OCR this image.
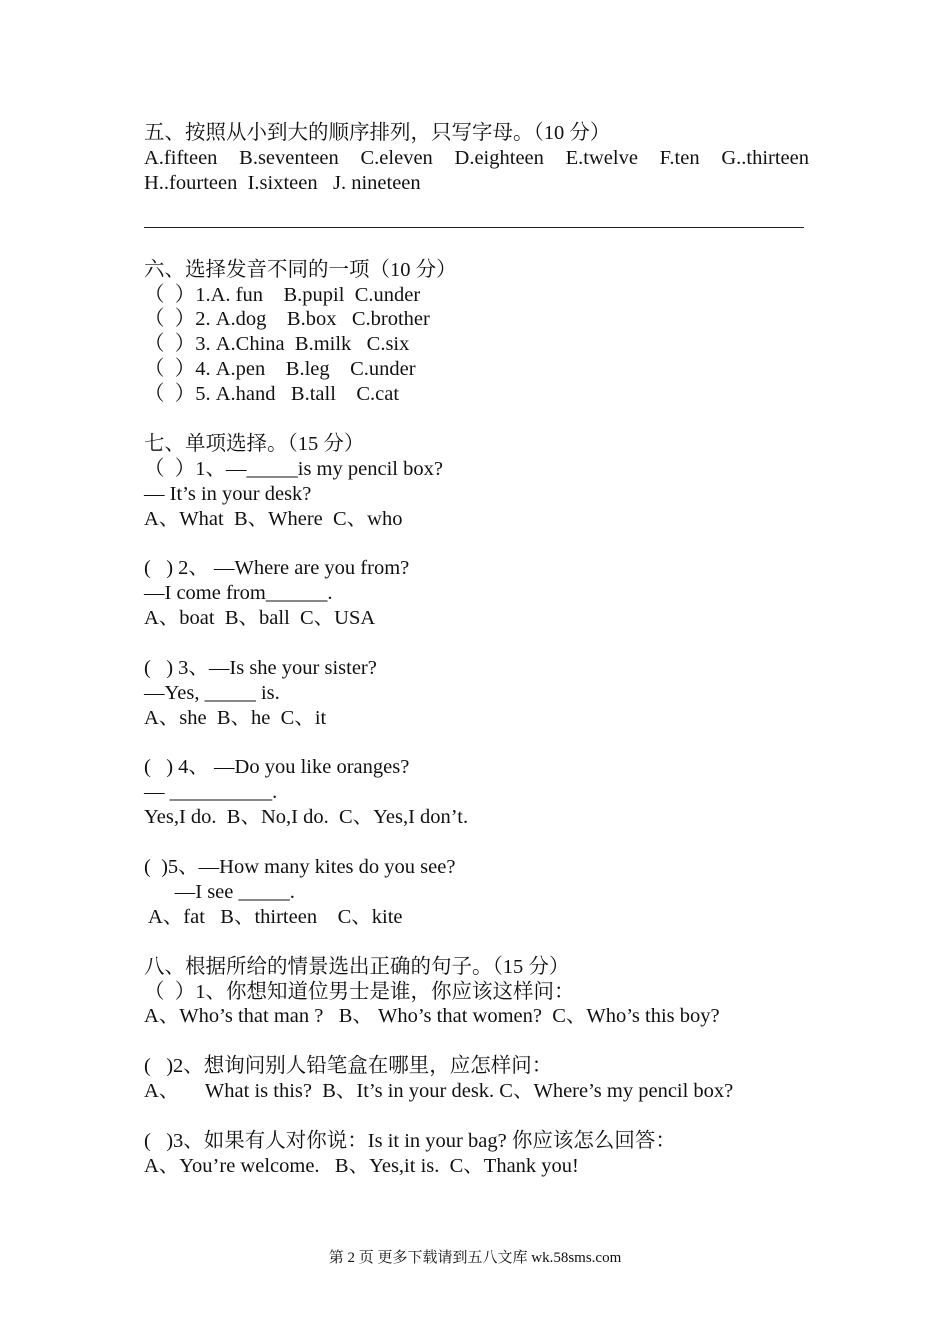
五、按照从小到大的顺序排列，只写字母。（10 分）
A.fifteen B.seventeen C.eleven D.eighteen E.twelve F.ten G..thirteen
H..fourteen  I.sixteen   J. nineteen
六、选择发音不同的一项（10 分）
（  ）1.A. fun    B.pupil  C.under
（  ）2. A.dog    B.box   C.brother
（  ）3. A.China  B.milk   C.six
（  ）4. A.pen    B.leg    C.under
（  ）5. A.hand   B.tall    C.cat
七、单项选择。（15 分）
（  ）1、—_____is my pencil box?
— It’s in your desk?
A、What  B、Where  C、who
(   ) 2、 —Where are you from?
—I come from______.
A、boat  B、ball  C、USA
(   ) 3、—Is she your sister?
—Yes, _____ is.
A、she  B、he  C、it
(   ) 4、 —Do you like oranges?
— __________.
Yes,I do.  B、No,I do.  C、Yes,I don’t.
(  )5、—How many kites do you see?
—I see _____.
A、fat   B、thirteen    C、kite
八、根据所给的情景选出正确的句子。（15 分）
（  ）1、你想知道位男士是谁，你应该这样问：
A、Who’s that man ?   B、 Who’s that women?  C、Who’s this boy?
(   )2、想询问别人铅笔盒在哪里，应怎样问：
A、     What is this?  B、It’s in your desk. C、Where’s my pencil box?
(   )3、如果有人对你说：Is it in your bag? 你应该怎么回答：
A、You’re welcome.   B、Yes,it is.  C、Thank you!
第 2 页 更多下载请到五八文库 wk.58sms.com
